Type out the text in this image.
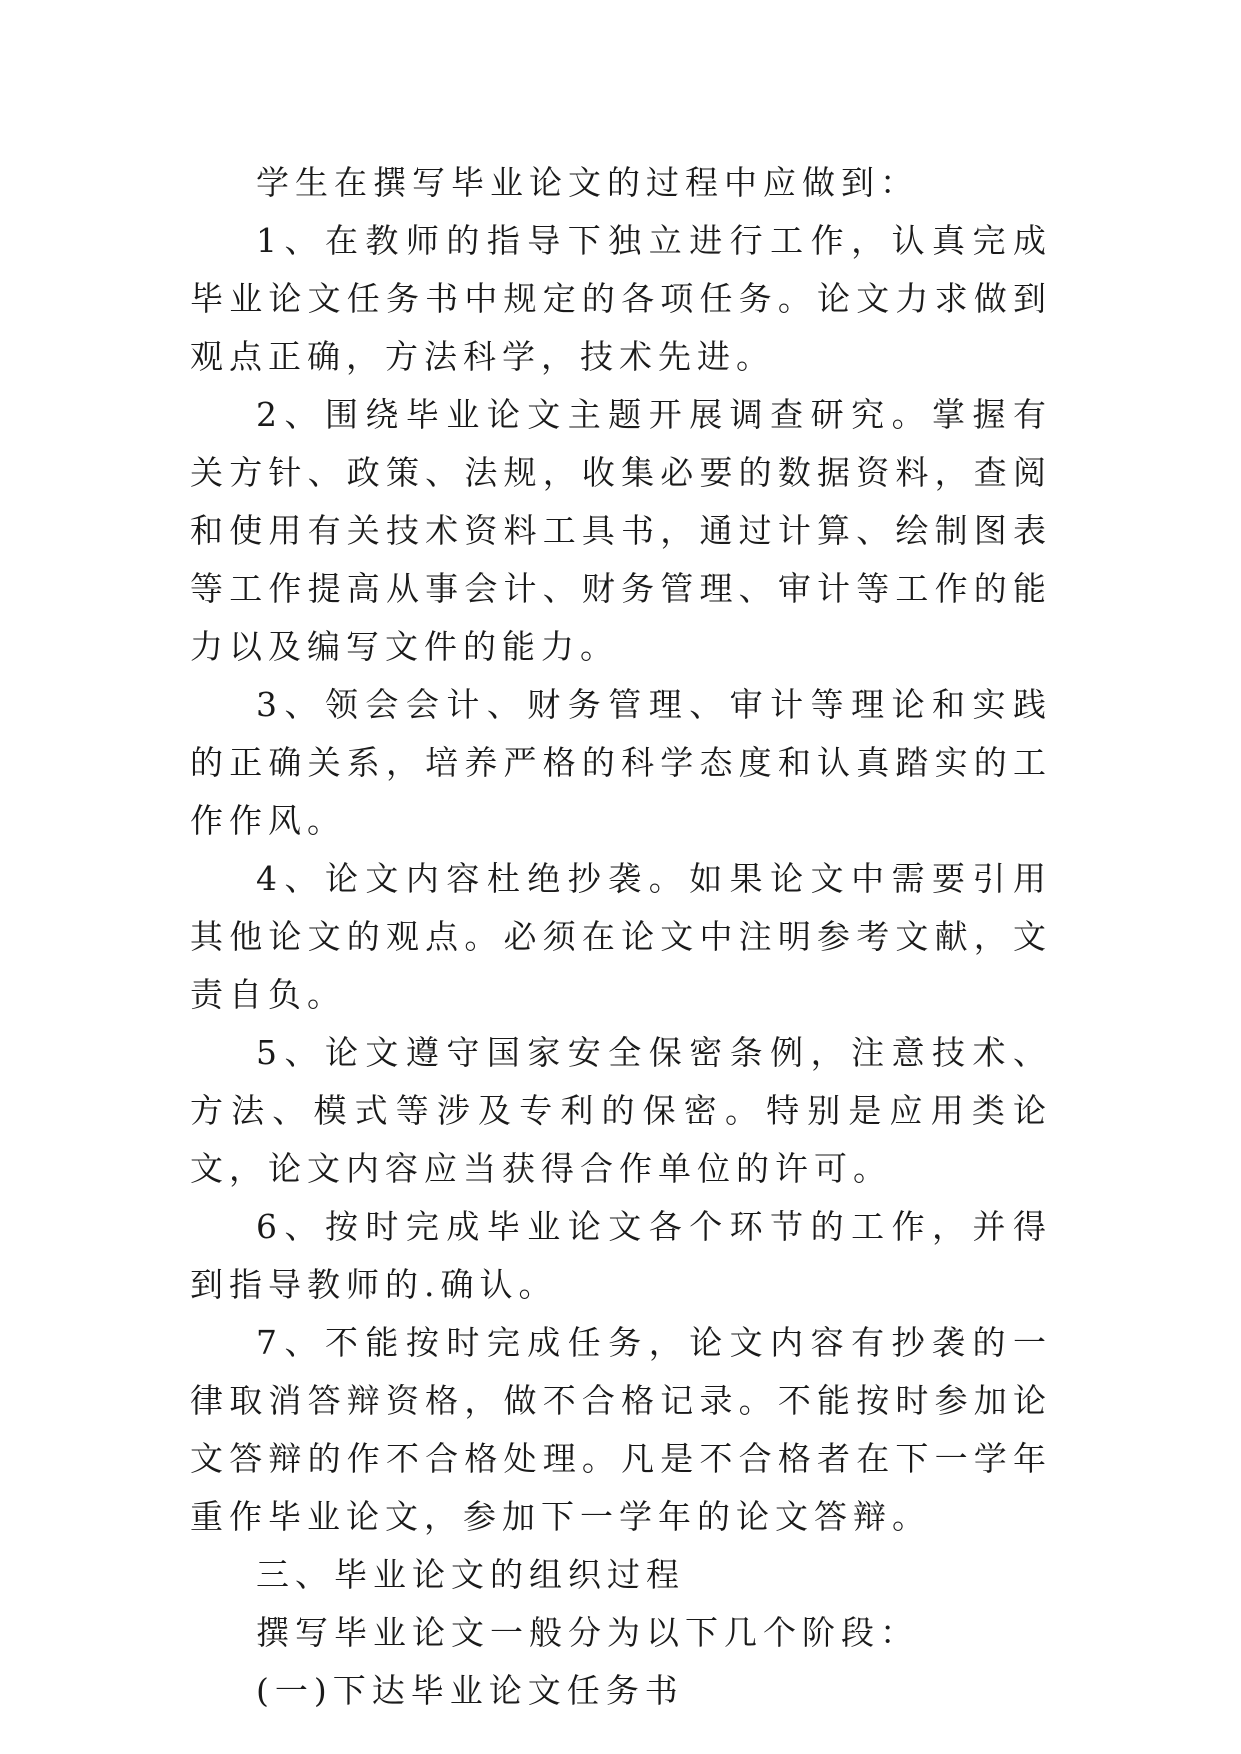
学生在撰写毕业论文的过程中应做到：

1、在教师的指导下独立进行工作，认真完成毕业论文任务书中规定的各项任务。论文力求做到观点正确，方法科学，技术先进。

2、围绕毕业论文主题开展调查研究。掌握有关方针、政策、法规，收集必要的数据资料，查阅和使用有关技术资料工具书，通过计算、绘制图表等工作提高从事会计、财务管理、审计等工作的能力以及编写文件的能力。

3、领会会计、财务管理、审计等理论和实践的正确关系，培养严格的科学态度和认真踏实的工作作风。

4、论文内容杜绝抄袭。如果论文中需要引用其他论文的观点。必须在论文中注明参考文献，文责自负。

5、论文遵守国家安全保密条例，注意技术、方法、模式等涉及专利的保密。特别是应用类论文，论文内容应当获得合作单位的许可。

6、按时完成毕业论文各个环节的工作，并得到指导教师的.确认。

7、不能按时完成任务，论文内容有抄袭的一律取消答辩资格，做不合格记录。不能按时参加论文答辩的作不合格处理。凡是不合格者在下一学年重作毕业论文，参加下一学年的论文答辩。

三、毕业论文的组织过程

撰写毕业论文一般分为以下几个阶段：

(一)下达毕业论文任务书
